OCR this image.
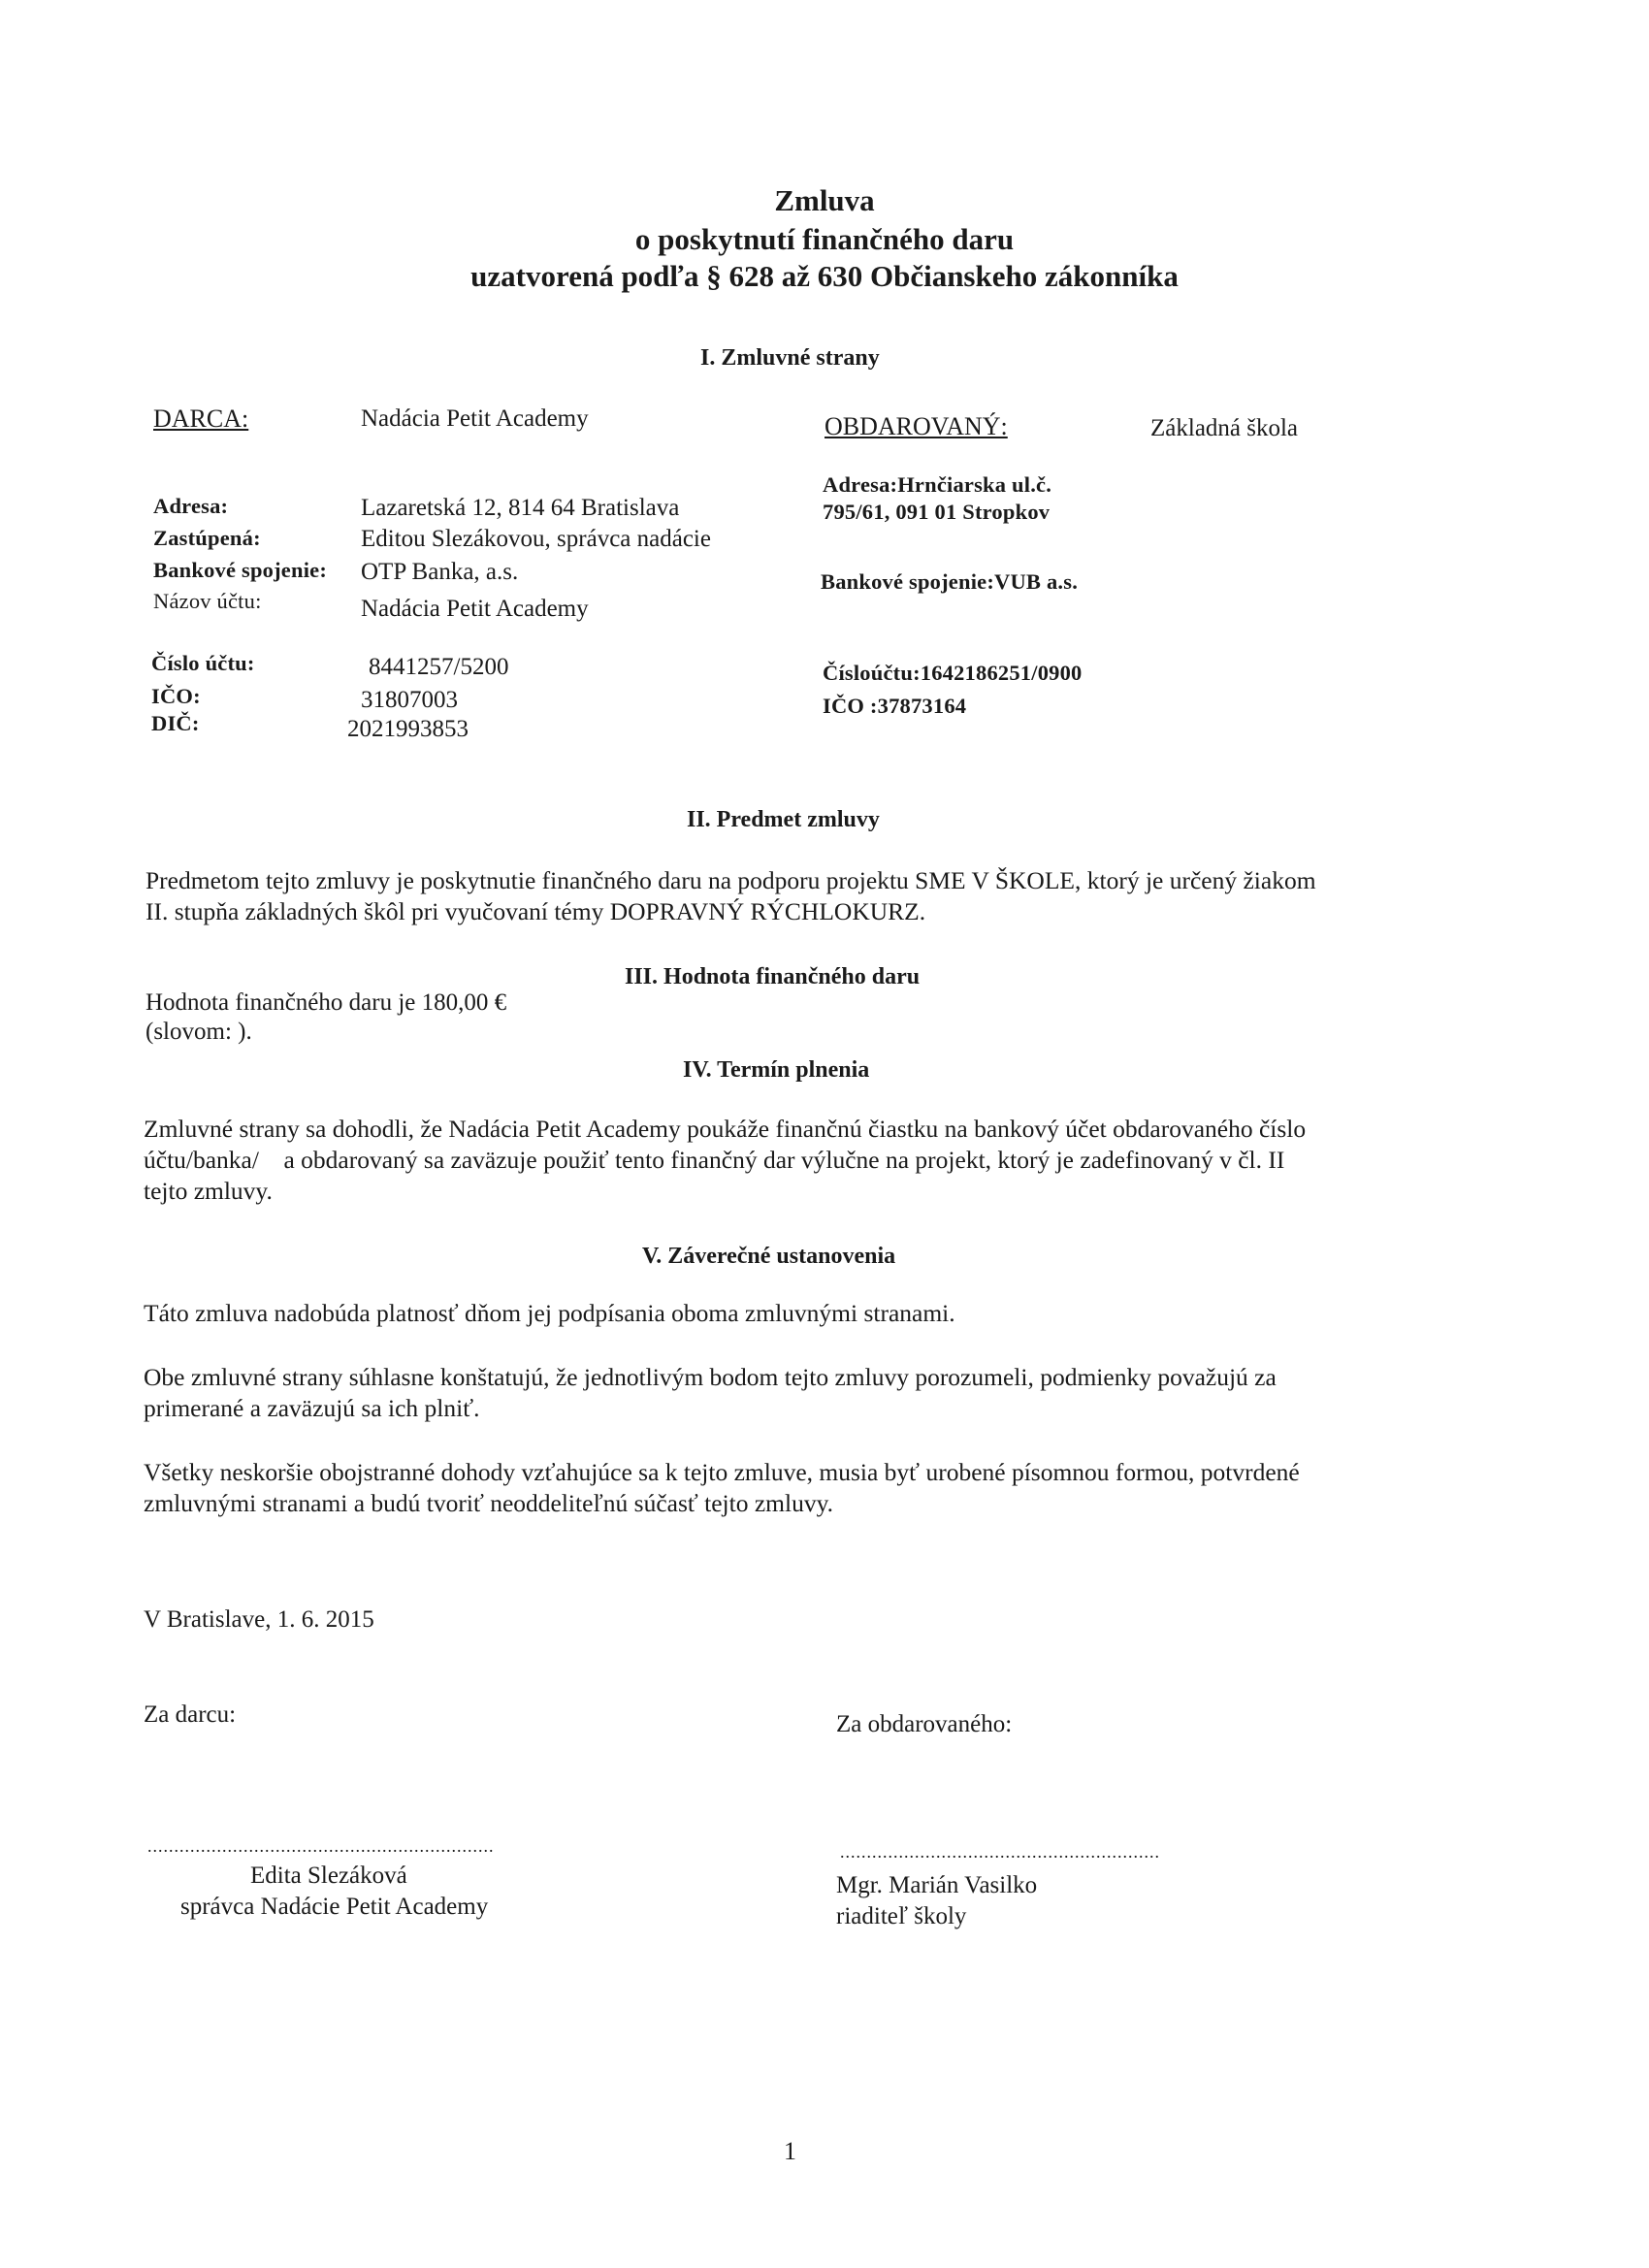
Zmluva
o poskytnutí finančného daru
uzatvorená podľa § 628 až 630 Občianskeho zákonníka
I. Zmluvné strany
DARCA:	Nadácia Petit Academy	OBDAROVANÝ:	Základná škola
Adresa:	Lazaretská 12, 814 64 Bratislava
Zastúpená:	Editou Slezákovou, správca nadácie
Bankové spojenie: OTP Banka, a.s.
Názov účtu:	Nadácia Petit Academy
Adresa:Hrnčiarska ul.č.
795/61, 091 01 Stropkov
Bankové spojenie:VUB a.s.
Číslo účtu:	8441257/5200
IČO:	31807003
DIČ:	2021993853
Čísloúčtu:1642186251/0900
IČO :37873164
II. Predmet zmluvy
Predmetom tejto zmluvy je poskytnutie finančného daru na podporu projektu SME V ŠKOLE, ktorý je určený žiakom
II. stupňa základných škôl pri vyučovaní témy DOPRAVNÝ RÝCHLOKURZ.
III. Hodnota finančného daru
Hodnota finančného daru je 180,00 €
(slovom: ).
IV. Termín plnenia
Zmluvné strany sa dohodli, že Nadácia Petit Academy poukáže finančnú čiastku na bankový účet obdarovaného číslo
účtu/banka/    a obdarovaný sa zaväzuje použiť tento finančný dar výlučne na projekt, ktorý je zadefinovaný v čl. II
tejto zmluvy.
V. Záverečné ustanovenia
Táto zmluva nadobúda platnosť dňom jej podpísania oboma zmluvnými stranami.
Obe zmluvné strany súhlasne konštatujú, že jednotlivým bodom tejto zmluvy porozumeli, podmienky považujú za
primerané a zaväzujú sa ich plniť.
Všetky neskoršie obojstranné dohody vzťahujúce sa k tejto zmluve, musia byť urobené písomnou formou, potvrdené
zmluvnými stranami a budú tvoriť neoddeliteľnú súčasť tejto zmluvy.
V Bratislave, 1. 6. 2015
Za darcu:	Za obdarovaného:
.................................................................	............................................................
Edita Slezáková
správca Nadácie Petit Academy
Mgr. Marián Vasilko
riaditeľ školy
1
